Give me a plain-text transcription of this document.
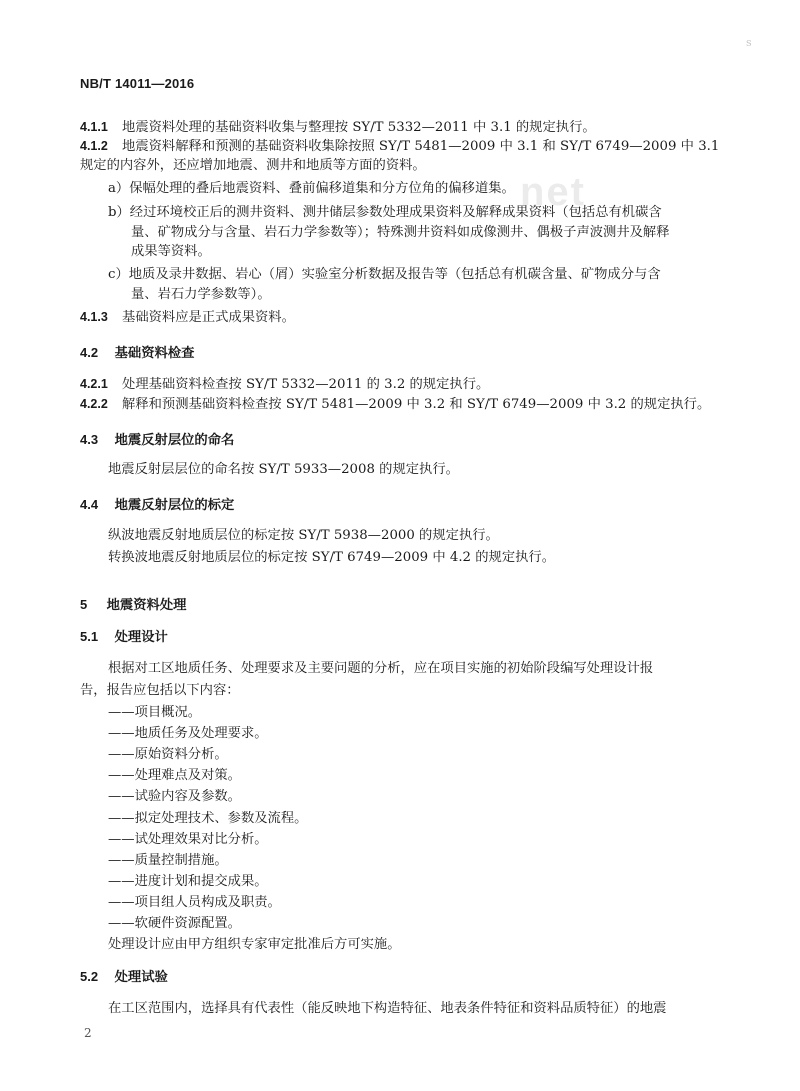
s
net
NB/T 14011—2016
4.1.1 地震资料处理的基础资料收集与整理按 SY/T 5332—2011 中 3.1 的规定执行。
4.1.2 地震资料解释和预测的基础资料收集除按照 SY/T 5481—2009 中 3.1 和 SY/T 6749—2009 中 3.1
规定的内容外，还应增加地震、测井和地质等方面的资料。
a）保幅处理的叠后地震资料、叠前偏移道集和分方位角的偏移道集。
b）经过环境校正后的测井资料、测井储层参数处理成果资料及解释成果资料（包括总有机碳含
量、矿物成分与含量、岩石力学参数等）；特殊测井资料如成像测井、偶极子声波测井及解释
成果等资料。
c）地质及录井数据、岩心（屑）实验室分析数据及报告等（包括总有机碳含量、矿物成分与含
量、岩石力学参数等）。
4.1.3 基础资料应是正式成果资料。
4.2 基础资料检查
4.2.1 处理基础资料检查按 SY/T 5332—2011 的 3.2 的规定执行。
4.2.2 解释和预测基础资料检查按 SY/T 5481—2009 中 3.2 和 SY/T 6749—2009 中 3.2 的规定执行。
4.3 地震反射层位的命名
地震反射层层位的命名按 SY/T 5933—2008 的规定执行。
4.4 地震反射层位的标定
纵波地震反射地质层位的标定按 SY/T 5938—2000 的规定执行。
转换波地震反射地质层位的标定按 SY/T 6749—2009 中 4.2 的规定执行。
5 地震资料处理
5.1 处理设计
根据对工区地质任务、处理要求及主要问题的分析，应在项目实施的初始阶段编写处理设计报
告，报告应包括以下内容：
——项目概况。
——地质任务及处理要求。
——原始资料分析。
——处理难点及对策。
——试验内容及参数。
——拟定处理技术、参数及流程。
——试处理效果对比分析。
——质量控制措施。
——进度计划和提交成果。
——项目组人员构成及职责。
——软硬件资源配置。
处理设计应由甲方组织专家审定批准后方可实施。
5.2 处理试验
在工区范围内，选择具有代表性（能反映地下构造特征、地表条件特征和资料品质特征）的地震
2
